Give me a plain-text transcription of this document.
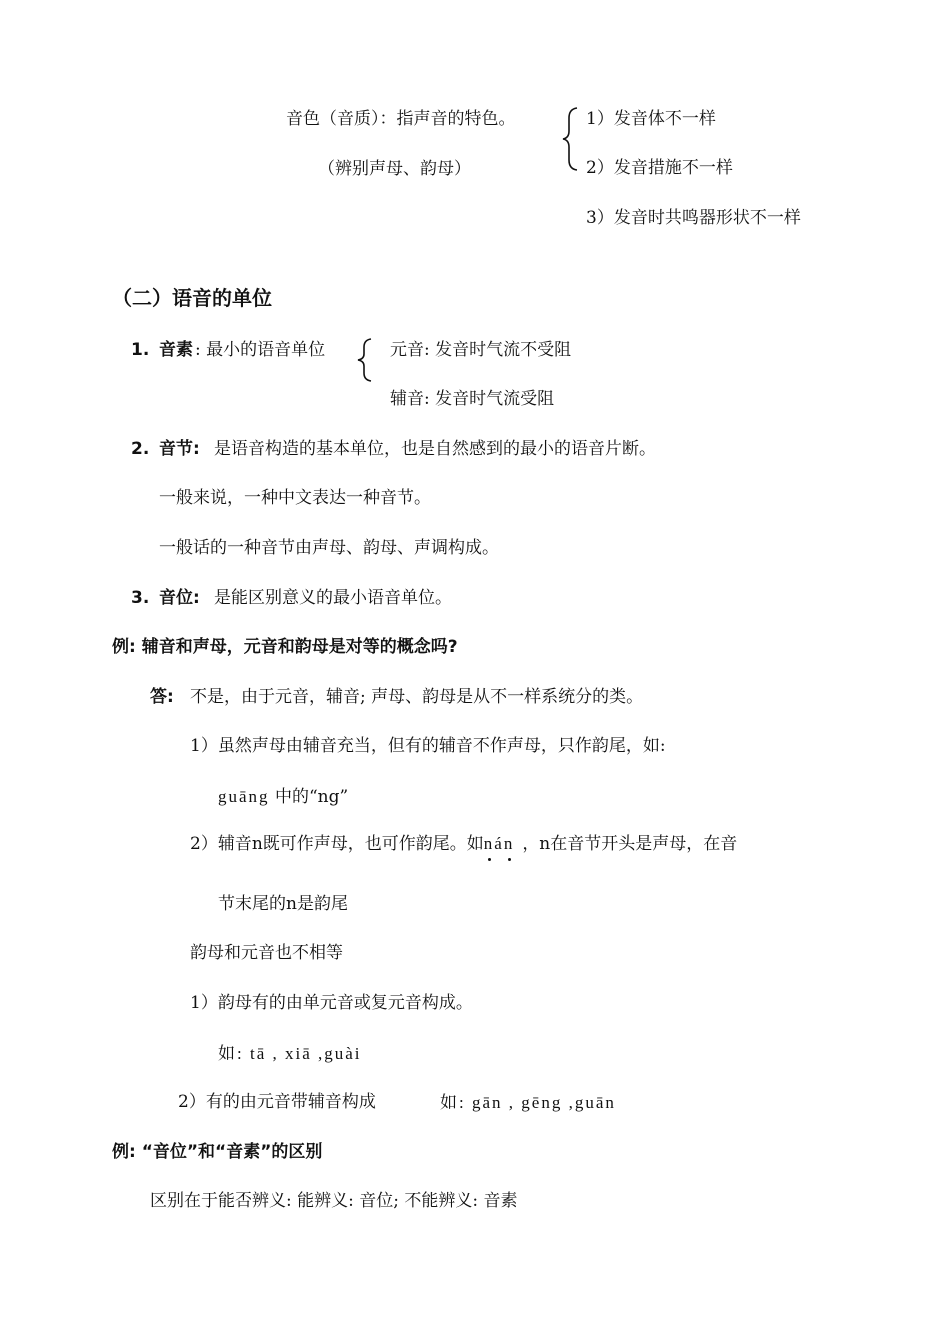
音色（音质）：指声音的特色。
（辨别声母、韵母）
1）发音体不一样
2）发音措施不一样
3）发音时共鸣器形状不一样
（二）语音的单位
1. 音素 : 最小的语音单位	元音: 发音时气流不受阻
辅音: 发音时气流受阻
2. 音节: 是语音构造的基本单位，也是自然感到的最小的语音片断。
一般来说，一种中文表达一种音节。
一般话的一种音节由声母、韵母、声调构成。
3. 音位: 是能区别意义的最小语音单位。
例: 辅音和声母，元音和韵母是对等的概念吗?
答: 不是，由于元音，辅音; 声母、韵母是从不一样系统分的类。
1）虽然声母由辅音充当，但有的辅音不作声母，只作韵尾，如:
guāng 中的“ng”
2）辅音n既可作声母，也可作韵尾。如nán ，n在音节开头是声母，在音
节末尾的n是韵尾
韵母和元音也不相等
1）韵母有的由单元音或复元音构成。
如: tā , xiā ,guài
2）有的由元音带辅音构成	如: gān , gēng ,guān
例: “音位”和“音素”的区别
区别在于能否辨义: 能辨义: 音位; 不能辨义: 音素
